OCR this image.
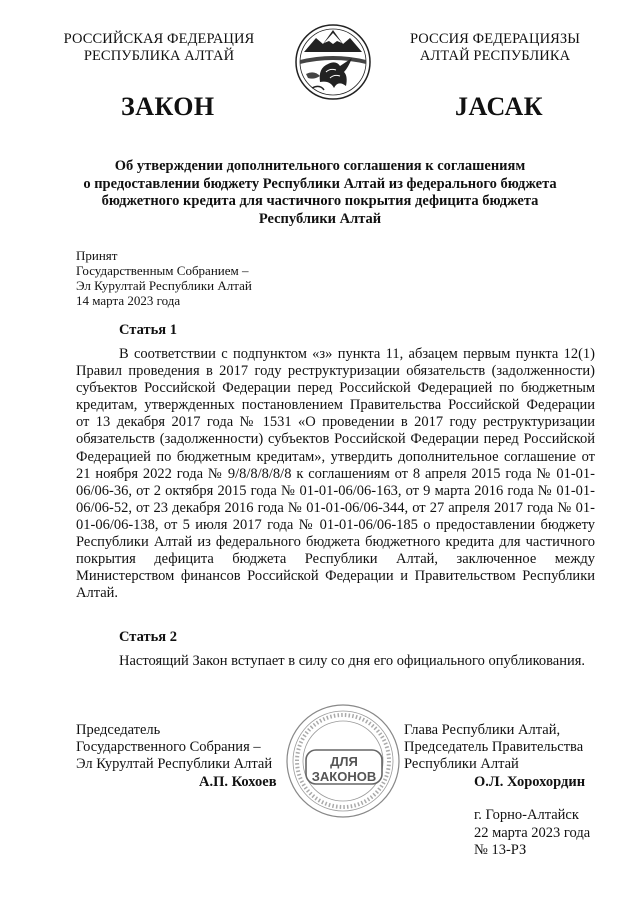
РОССИЙСКАЯ ФЕДЕРАЦИЯ
РЕСПУБЛИКА АЛТАЙ
РОССИЯ ФЕДЕРАЦИЯЗЫ
АЛТАЙ РЕСПУБЛИКА
ЗАКОН	JАСАК
Об утверждении дополнительного соглашения к соглашениям
о предоставлении бюджету Республики Алтай из федерального бюджета
бюджетного кредита для частичного покрытия дефицита бюджета
Республики Алтай
Принят
Государственным Собранием –
Эл Курултай Республики Алтай
14 марта 2023 года
Статья 1

В соответствии с подпунктом «з» пункта 11, абзацем первым пункта 12(1) Правил проведения в 2017 году реструктуризации обязательств (задолженности) субъектов Российской Федерации перед Российской Федерацией по бюджетным кредитам, утвержденных постановлением Правительства Российской Федерации от 13 декабря 2017 года № 1531 «О проведении в 2017 году реструктуризации обязательств (задолженности) субъектов Российской Федерации перед Российской Федерацией по бюджетным кредитам», утвердить дополнительное соглашение от 21 ноября 2022 года № 9/8/8/8/8/8 к соглашениям от 8 апреля 2015 года № 01-01-06/06-36, от 2 октября 2015 года № 01-01-06/06-163, от 9 марта 2016 года № 01-01-06/06-52, от 23 декабря 2016 года № 01-01-06/06-344, от 27 апреля 2017 года № 01-01-06/06-138, от 5 июля 2017 года № 01-01-06/06-185 о предоставлении бюджету Республики Алтай из федерального бюджета бюджетного кредита для частичного покрытия дефицита бюджета Республики Алтай, заключенное между Министерством финансов Российской Федерации и Правительством Республики Алтай.

Статья 2

Настоящий Закон вступает в силу со дня его официального опубликования.

Председатель
Государственного Собрания –
Эл Курултай Республики Алтай
А.П. Кохоев
Глава Республики Алтай,
Председатель Правительства
Республики Алтай
О.Л. Хорохордин
ДЛЯ
ЗАКОНОВ
г. Горно-Алтайск
22 марта 2023 года
№ 13-РЗ
